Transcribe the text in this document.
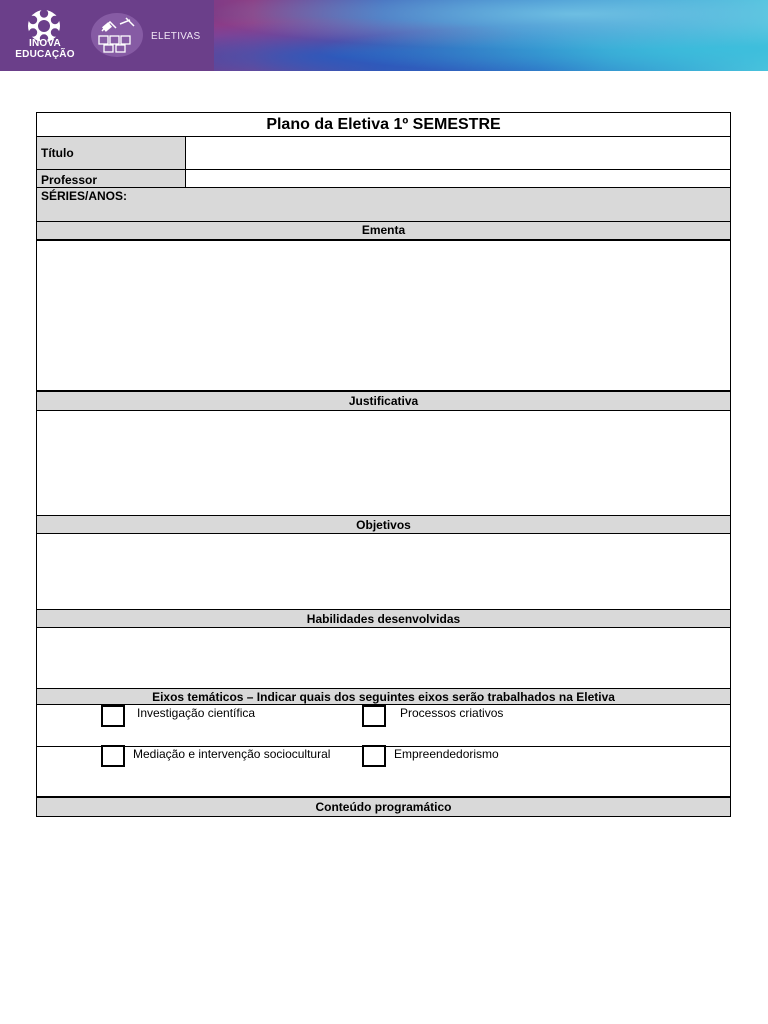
INOVA
EDUCAÇÃO
ELETIVAS
Plano da Eletiva 1º SEMESTRE
Título
Professor
SÉRIES/ANOS:
Ementa
Justificativa
Objetivos
Habilidades desenvolvidas
Eixos temáticos – Indicar quais dos seguintes eixos serão trabalhados na Eletiva
Investigação científica	Processos criativos
Mediação e intervenção sociocultural	Empreendedorismo
Conteúdo programático
